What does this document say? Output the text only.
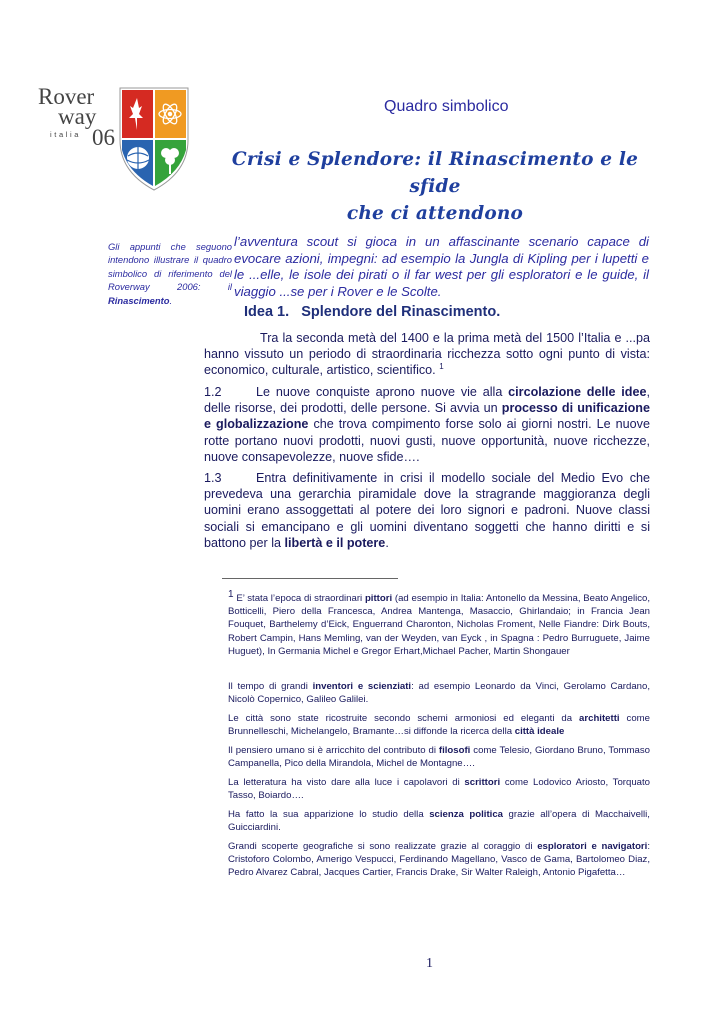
Rover
way
italia 06
Quadro simbolico
Crisi e Splendore: il Rinascimento e le sfide
che ci attendono
Gli appunti che seguono intendono illustrare il quadro simbolico di riferimento del Roverway 2006: il Rinascimento.
l’avventura scout si gioca in un affascinante scenario capace di evocare azioni, impegni: ad esempio la Jungla di Kipling per i lupetti e le ...elle, le isole dei pirati o il far west per gli esploratori e le guide, il viaggio ...se per i Rover e le Scolte.
Idea 1.   Splendore del Rinascimento.
Tra la seconda metà del 1400 e la prima metà del 1500 l’Italia e ...pa hanno vissuto un periodo di straordinaria ricchezza sotto ogni punto di vista: economico, culturale, artistico, scientifico. $^1$
1.2	Le nuove conquiste aprono nuove vie alla circolazione delle idee, delle risorse, dei prodotti, delle persone. Si avvia un processo di unificazione e globalizzazione che trova compimento forse solo ai giorni nostri. Le nuove rotte portano nuovi prodotti, nuovi gusti, nuove opportunità, nuove ricchezze, nuove consapevolezze, nuove sfide….
1.3	Entra definitivamente in crisi il modello sociale del Medio Evo che prevedeva una gerarchia piramidale dove la stragrande maggioranza degli uomini erano assoggettati al potere dei loro signori e padroni. Nuove classi sociali si emancipano e gli uomini diventano soggetti che hanno diritti e si battono per la libertà e il potere.
$^1$ E’ stata l’epoca di straordinari pittori (ad esempio in Italia: Antonello da Messina, Beato Angelico, Botticelli, Piero della Francesca, Andrea Mantenga, Masaccio, Ghirlandaio; in Francia Jean Fouquet, Barthelemy d’Eick, Enguerrand Charonton, Nicholas Froment, Nelle Fiandre: Dirk Bouts, Robert Campin, Hans Memling, van der Weyden, van Eyck , in Spagna : Pedro Burruguete, Jaime Huguet), In Germania Michel e Gregor Erhart,Michael Pacher, Martin Shongauer
Il tempo di grandi inventori e scienziati: ad esempio Leonardo da Vinci, Gerolamo Cardano, Nicolò Copernico, Galileo Galilei.
Le città sono state ricostruite secondo schemi armoniosi ed eleganti da architetti come Brunnelleschi, Michelangelo, Bramante…si diffonde la ricerca della città ideale
Il pensiero umano si è arricchito del contributo di filosofi come Telesio, Giordano Bruno, Tommaso Campanella, Pico della Mirandola, Michel de Montagne….
La letteratura ha visto dare alla luce i capolavori di scrittori come Lodovico Ariosto, Torquato Tasso, Boiardo….
Ha fatto la sua apparizione lo studio della scienza politica grazie all’opera di Macchaivelli, Guicciardini.
Grandi scoperte geografiche si sono realizzate grazie al coraggio di esploratori e navigatori: Cristoforo Colombo, Amerigo Vespucci, Ferdinando Magellano, Vasco de Gama, Bartolomeo Diaz, Pedro Alvarez Cabral, Jacques Cartier, Francis Drake, Sir Walter Raleigh, Antonio Pigafetta…
1
